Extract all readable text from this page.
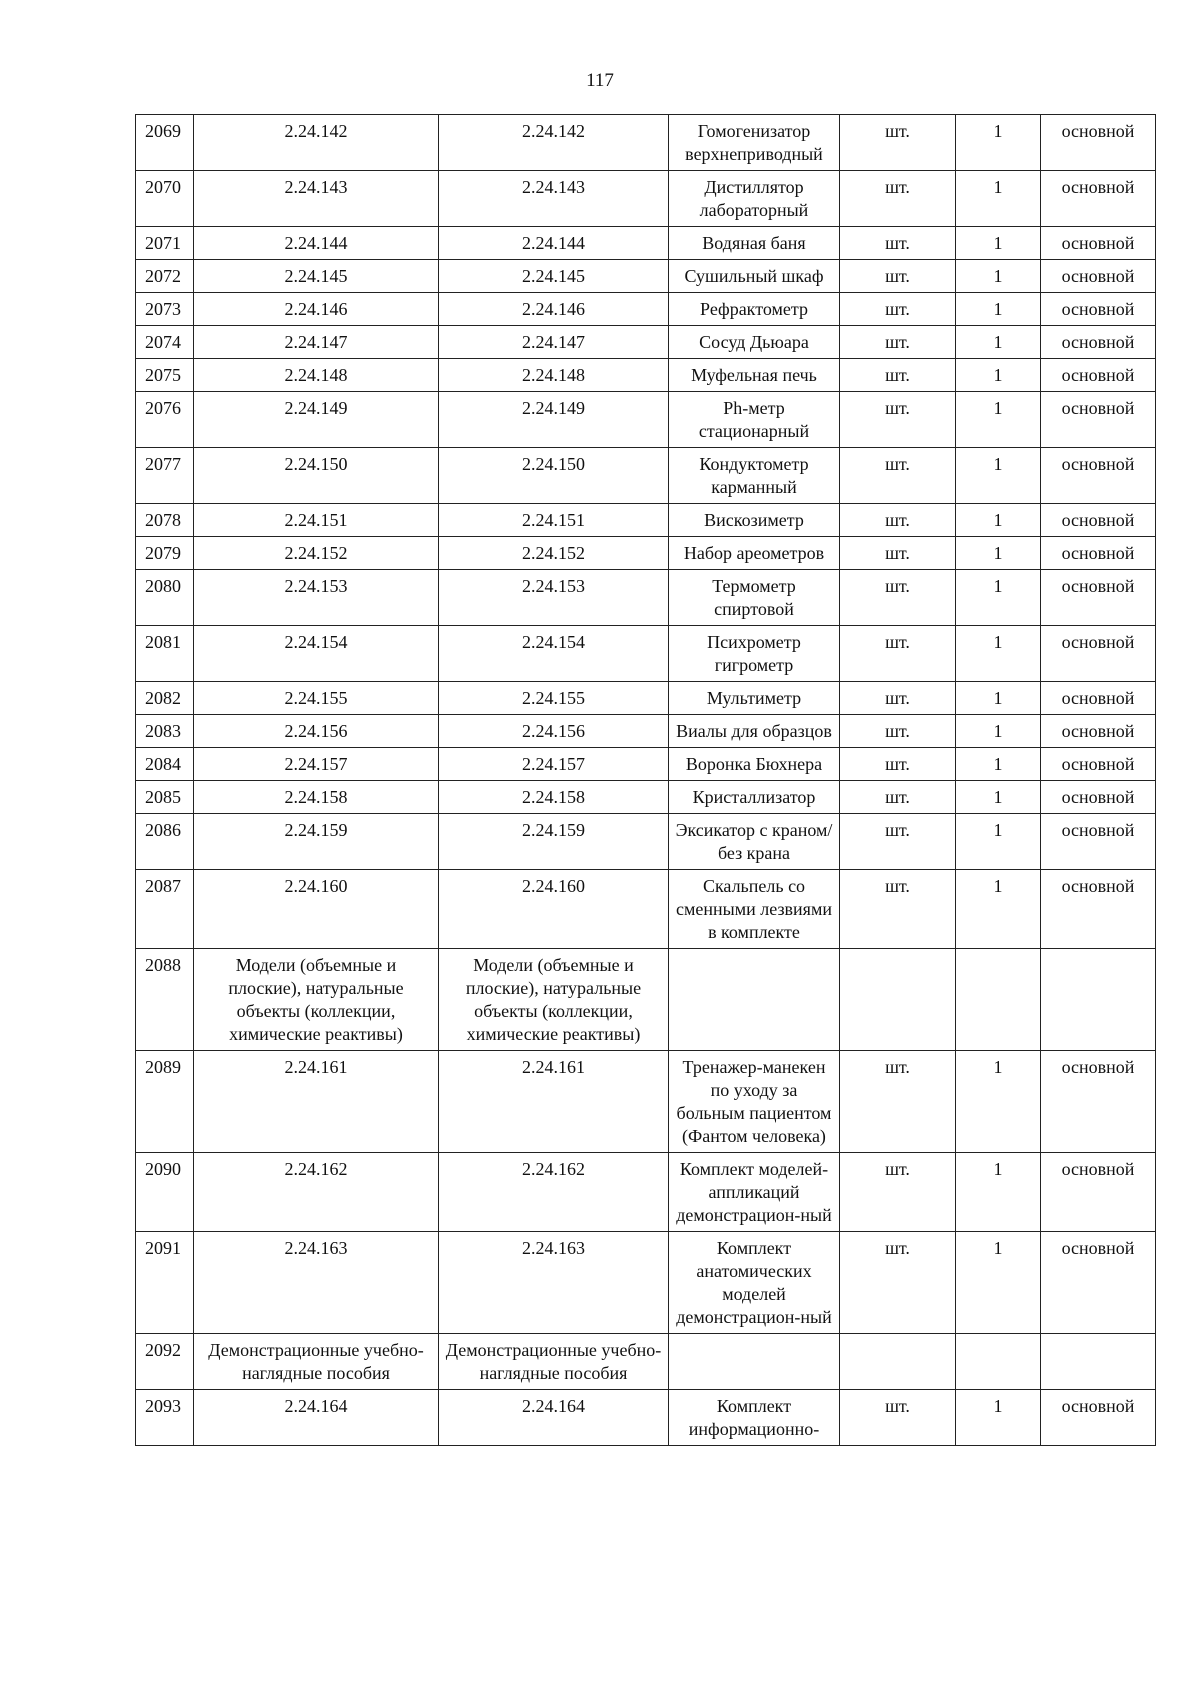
117
2069	2.24.142	2.24.142	Гомогенизатор верхнеприводный	шт.	1	основной
2070	2.24.143	2.24.143	Дистиллятор лабораторный	шт.	1	основной
2071	2.24.144	2.24.144	Водяная баня	шт.	1	основной
2072	2.24.145	2.24.145	Сушильный шкаф	шт.	1	основной
2073	2.24.146	2.24.146	Рефрактометр	шт.	1	основной
2074	2.24.147	2.24.147	Сосуд Дьюара	шт.	1	основной
2075	2.24.148	2.24.148	Муфельная печь	шт.	1	основной
2076	2.24.149	2.24.149	Ph-метр стационарный	шт.	1	основной
2077	2.24.150	2.24.150	Кондуктометр карманный	шт.	1	основной
2078	2.24.151	2.24.151	Вискозиметр	шт.	1	основной
2079	2.24.152	2.24.152	Набор ареометров	шт.	1	основной
2080	2.24.153	2.24.153	Термометр спиртовой	шт.	1	основной
2081	2.24.154	2.24.154	Психрометр гигрометр	шт.	1	основной
2082	2.24.155	2.24.155	Мультиметр	шт.	1	основной
2083	2.24.156	2.24.156	Виалы для образцов	шт.	1	основной
2084	2.24.157	2.24.157	Воронка Бюхнера	шт.	1	основной
2085	2.24.158	2.24.158	Кристаллизатор	шт.	1	основной
2086	2.24.159	2.24.159	Эксикатор с краном/без крана	шт.	1	основной
2087	2.24.160	2.24.160	Скальпель со сменными лезвиями в комплекте	шт.	1	основной
2088	Модели (объемные и плоские), натуральные объекты (коллекции, химические реактивы)	Модели (объемные и плоские), натуральные объекты (коллекции, химические реактивы)				
2089	2.24.161	2.24.161	Тренажер-манекен по уходу за больным пациентом (Фантом человека)	шт.	1	основной
2090	2.24.162	2.24.162	Комплект моделей-аппликаций демонстрацион-ный	шт.	1	основной
2091	2.24.163	2.24.163	Комплект анатомических моделей демонстрацион-ный	шт.	1	основной
2092	Демонстрационные учебно-наглядные пособия	Демонстрационные учебно-наглядные пособия				
2093	2.24.164	2.24.164	Комплект информационно-	шт.	1	основной
